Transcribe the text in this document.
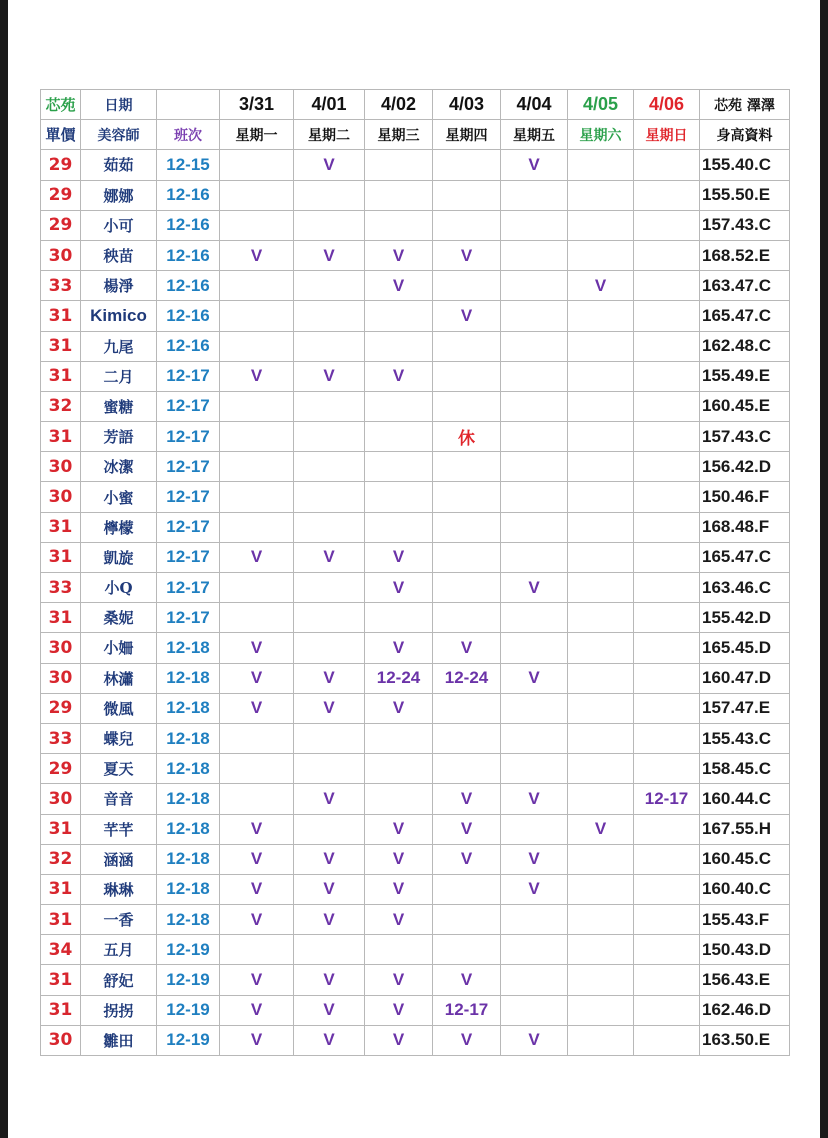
芯苑	日期		3/31	4/01	4/02	4/03	4/04	4/05	4/06	芯苑 澤澤
單價	美容師	班次	星期一	星期二	星期三	星期四	星期五	星期六	星期日	身高資料
29	茹茹	12-15		V			V			155.40.C
29	娜娜	12-16								155.50.E
29	小可	12-16								157.43.C
30	秧苗	12-16	V	V	V	V				168.52.E
33	楊淨	12-16			V			V		163.47.C
31	Kimico	12-16				V				165.47.C
31	九尾	12-16								162.48.C
31	二月	12-17	V	V	V					155.49.E
32	蜜糖	12-17								160.45.E
31	芳語	12-17				休				157.43.C
30	冰潔	12-17								156.42.D
30	小蜜	12-17								150.46.F
31	檸檬	12-17								168.48.F
31	凱旋	12-17	V	V	V					165.47.C
33	小Q	12-17			V		V			163.46.C
31	桑妮	12-17								155.42.D
30	小姍	12-18	V		V	V				165.45.D
30	林瀟	12-18	V	V	12-24	12-24	V			160.47.D
29	微風	12-18	V	V	V					157.47.E
33	蝶兒	12-18								155.43.C
29	夏天	12-18								158.45.C
30	音音	12-18		V		V	V		12-17	160.44.C
31	芊芊	12-18	V		V	V		V		167.55.H
32	涵涵	12-18	V	V	V	V	V			160.45.C
31	琳琳	12-18	V	V	V		V			160.40.C
31	一香	12-18	V	V	V					155.43.F
34	五月	12-19								150.43.D
31	舒妃	12-19	V	V	V	V				156.43.E
31	拐拐	12-19	V	V	V	12-17				162.46.D
30	雛田	12-19	V	V	V	V	V			163.50.E
